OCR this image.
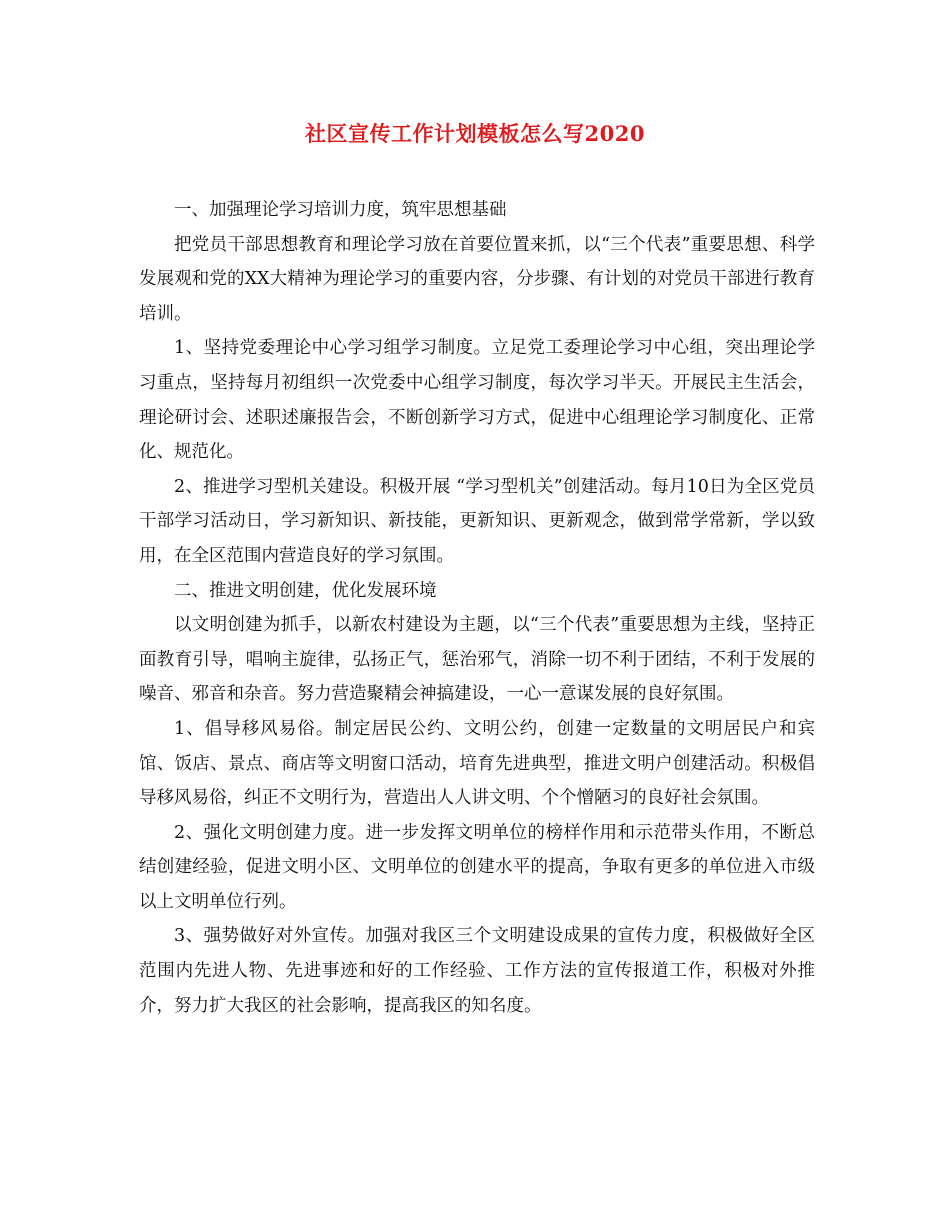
社区宣传工作计划模板怎么写2020

一、加强理论学习培训力度，筑牢思想基础

把党员干部思想教育和理论学习放在首要位置来抓，以“三个代表”重要思想、科学发展观和党的XX大精神为理论学习的重要内容，分步骤、有计划的对党员干部进行教育培训。

1、坚持党委理论中心学习组学习制度。立足党工委理论学习中心组，突出理论学习重点，坚持每月初组织一次党委中心组学习制度，每次学习半天。开展民主生活会，理论研讨会、述职述廉报告会，不断创新学习方式，促进中心组理论学习制度化、正常化、规范化。

2、推进学习型机关建设。积极开展 “学习型机关”创建活动。每月10日为全区党员干部学习活动日，学习新知识、新技能，更新知识、更新观念，做到常学常新，学以致用，在全区范围内营造良好的学习氛围。

二、推进文明创建，优化发展环境

以文明创建为抓手，以新农村建设为主题，以“三个代表”重要思想为主线，坚持正面教育引导，唱响主旋律，弘扬正气，惩治邪气，消除一切不利于团结，不利于发展的噪音、邪音和杂音。努力营造聚精会神搞建设，一心一意谋发展的良好氛围。

1、倡导移风易俗。制定居民公约、文明公约，创建一定数量的文明居民户和宾馆、饭店、景点、商店等文明窗口活动，培育先进典型，推进文明户创建活动。积极倡导移风易俗，纠正不文明行为，营造出人人讲文明、个个憎陋习的良好社会氛围。

2、强化文明创建力度。进一步发挥文明单位的榜样作用和示范带头作用，不断总结创建经验，促进文明小区、文明单位的创建水平的提高，争取有更多的单位进入市级以上文明单位行列。

3、强势做好对外宣传。加强对我区三个文明建设成果的宣传力度，积极做好全区范围内先进人物、先进事迹和好的工作经验、工作方法的宣传报道工作，积极对外推介，努力扩大我区的社会影响，提高我区的知名度。
